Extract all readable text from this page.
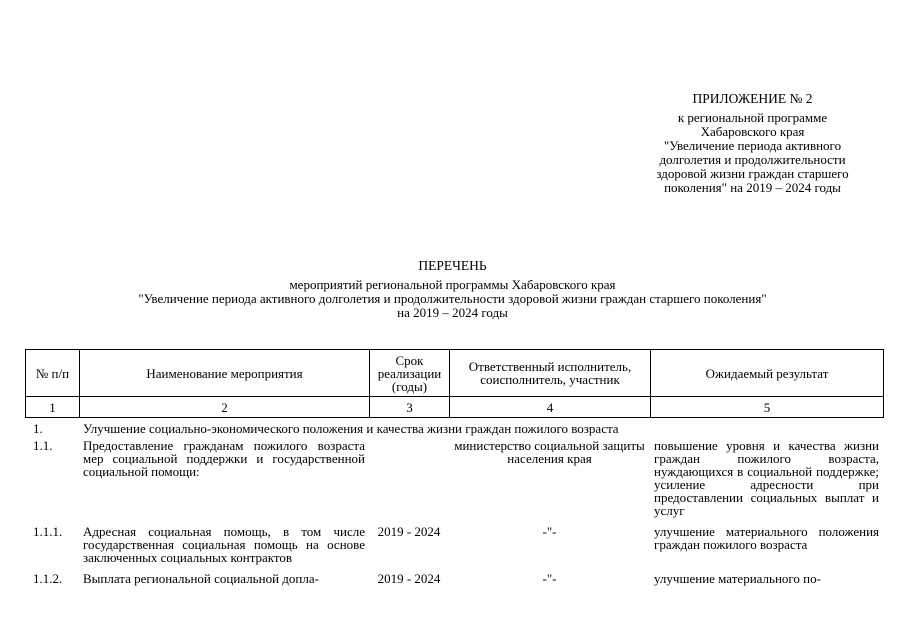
ПРИЛОЖЕНИЕ № 2
к региональной программе
Хабаровского края
"Увеличение периода активного
долголетия и продолжительности
здоровой жизни граждан старшего
поколения" на 2019 – 2024 годы
ПЕРЕЧЕНЬ
мероприятий региональной программы Хабаровского края
"Увеличение периода активного долголетия и продолжительности здоровой жизни граждан старшего поколения"
на 2019 – 2024 годы
№ п/п	Наименование мероприятия	Срок реализации (годы)	Ответственный исполнитель, соисполнитель, участник	Ожидаемый результат
1	2	3	4	5
1.	Улучшение социально-экономического положения и качества жизни граждан пожилого возраста			
1.1.	Предоставление гражданам пожилого возраста мер социальной поддержки и государственной социальной помощи:		министерство социальной защиты населения края	повышение уровня и качества жизни граждан пожилого возраста, нуждающихся в социальной поддержке; усиление адресности при предоставлении социальных выплат и услуг
1.1.1.	Адресная социальная помощь, в том числе государственная социальная помощь на основе заключенных социальных контрактов	2019 - 2024	-"-	улучшение материального положения граждан пожилого возраста
1.1.2.	Выплата региональной социальной допла-	2019 - 2024	-"-	улучшение материального по-
